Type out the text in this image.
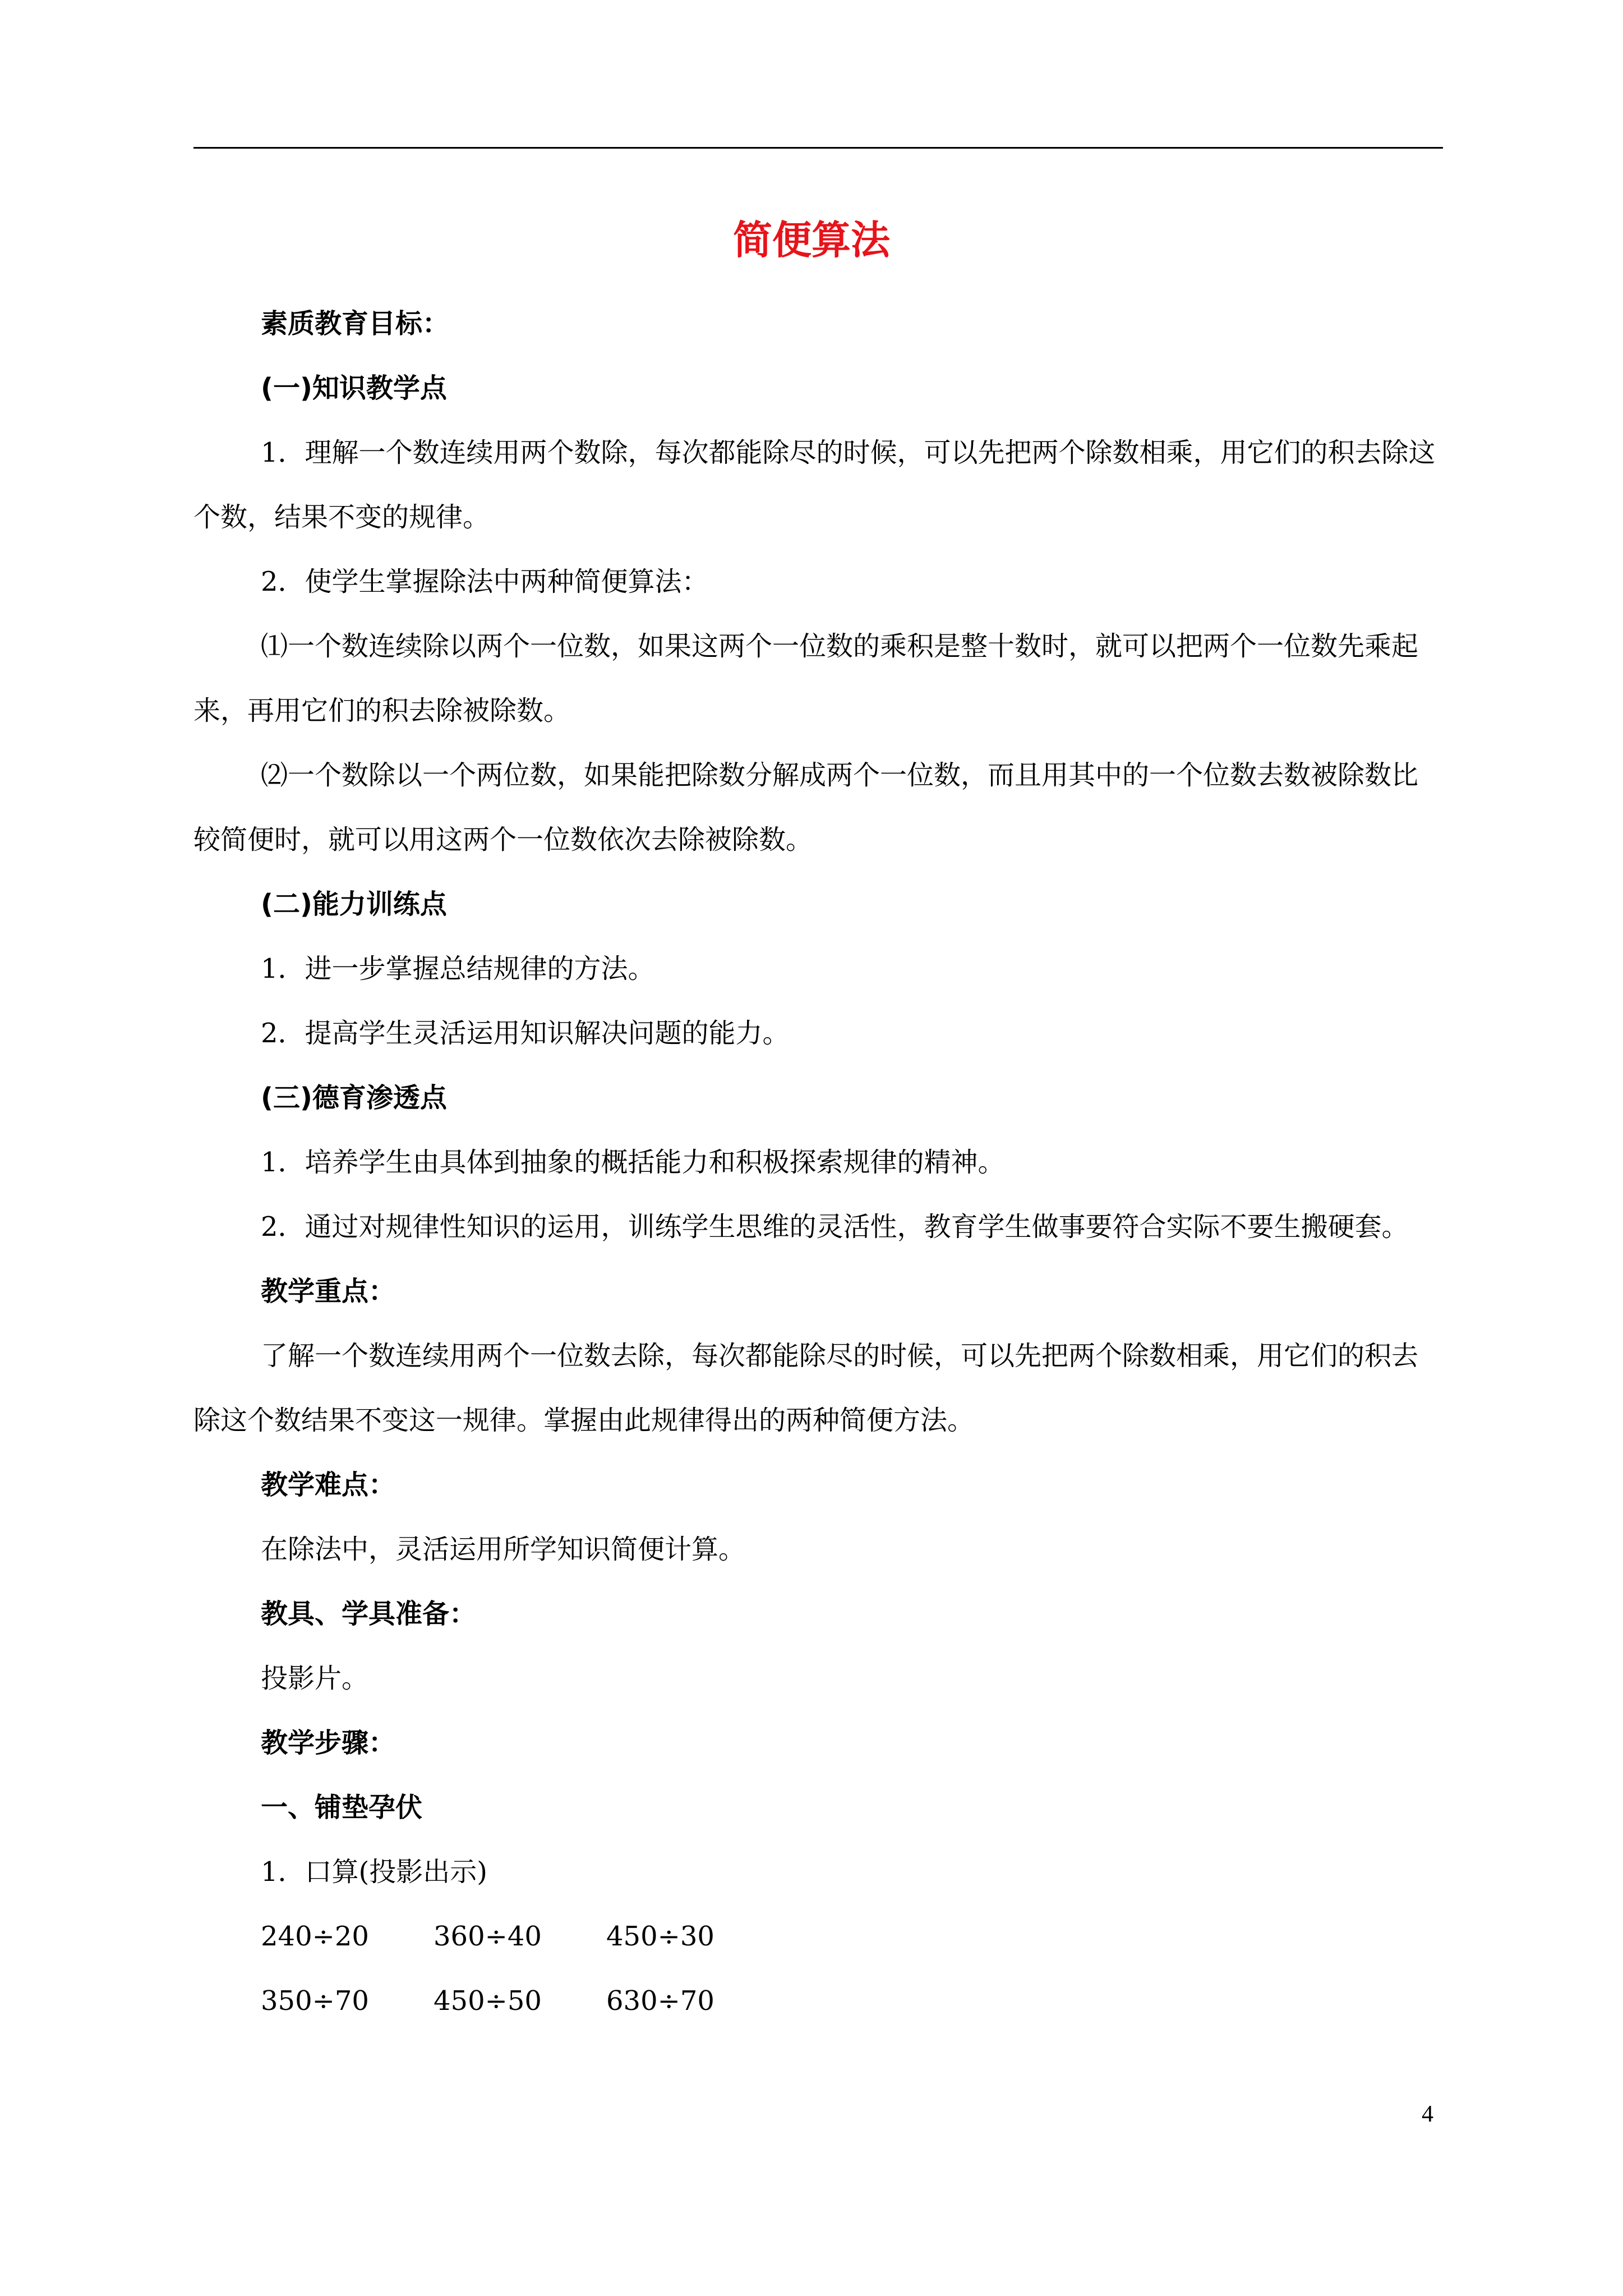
简便算法

素质教育目标：

(一)知识教学点

1．理解一个数连续用两个数除，每次都能除尽的时候，可以先把两个除数相乘，用它们的积去除这个数，结果不变的规律。

2．使学生掌握除法中两种简便算法：

⑴一个数连续除以两个一位数，如果这两个一位数的乘积是整十数时，就可以把两个一位数先乘起来，再用它们的积去除被除数。

⑵一个数除以一个两位数，如果能把除数分解成两个一位数，而且用其中的一个位数去数被除数比较简便时，就可以用这两个一位数依次去除被除数。

(二)能力训练点

1．进一步掌握总结规律的方法。

2．提高学生灵活运用知识解决问题的能力。

(三)德育渗透点

1．培养学生由具体到抽象的概括能力和积极探索规律的精神。

2．通过对规律性知识的运用，训练学生思维的灵活性，教育学生做事要符合实际不要生搬硬套。

教学重点：

了解一个数连续用两个一位数去除，每次都能除尽的时候，可以先把两个除数相乘，用它们的积去除这个数结果不变这一规律。掌握由此规律得出的两种简便方法。

教学难点：

在除法中，灵活运用所学知识简便计算。

教具、学具准备：

投影片。

教学步骤：

一、铺垫孕伏

1．口算(投影出示)

240÷20	360÷40	450÷30
350÷70	450÷50	630÷70
4
